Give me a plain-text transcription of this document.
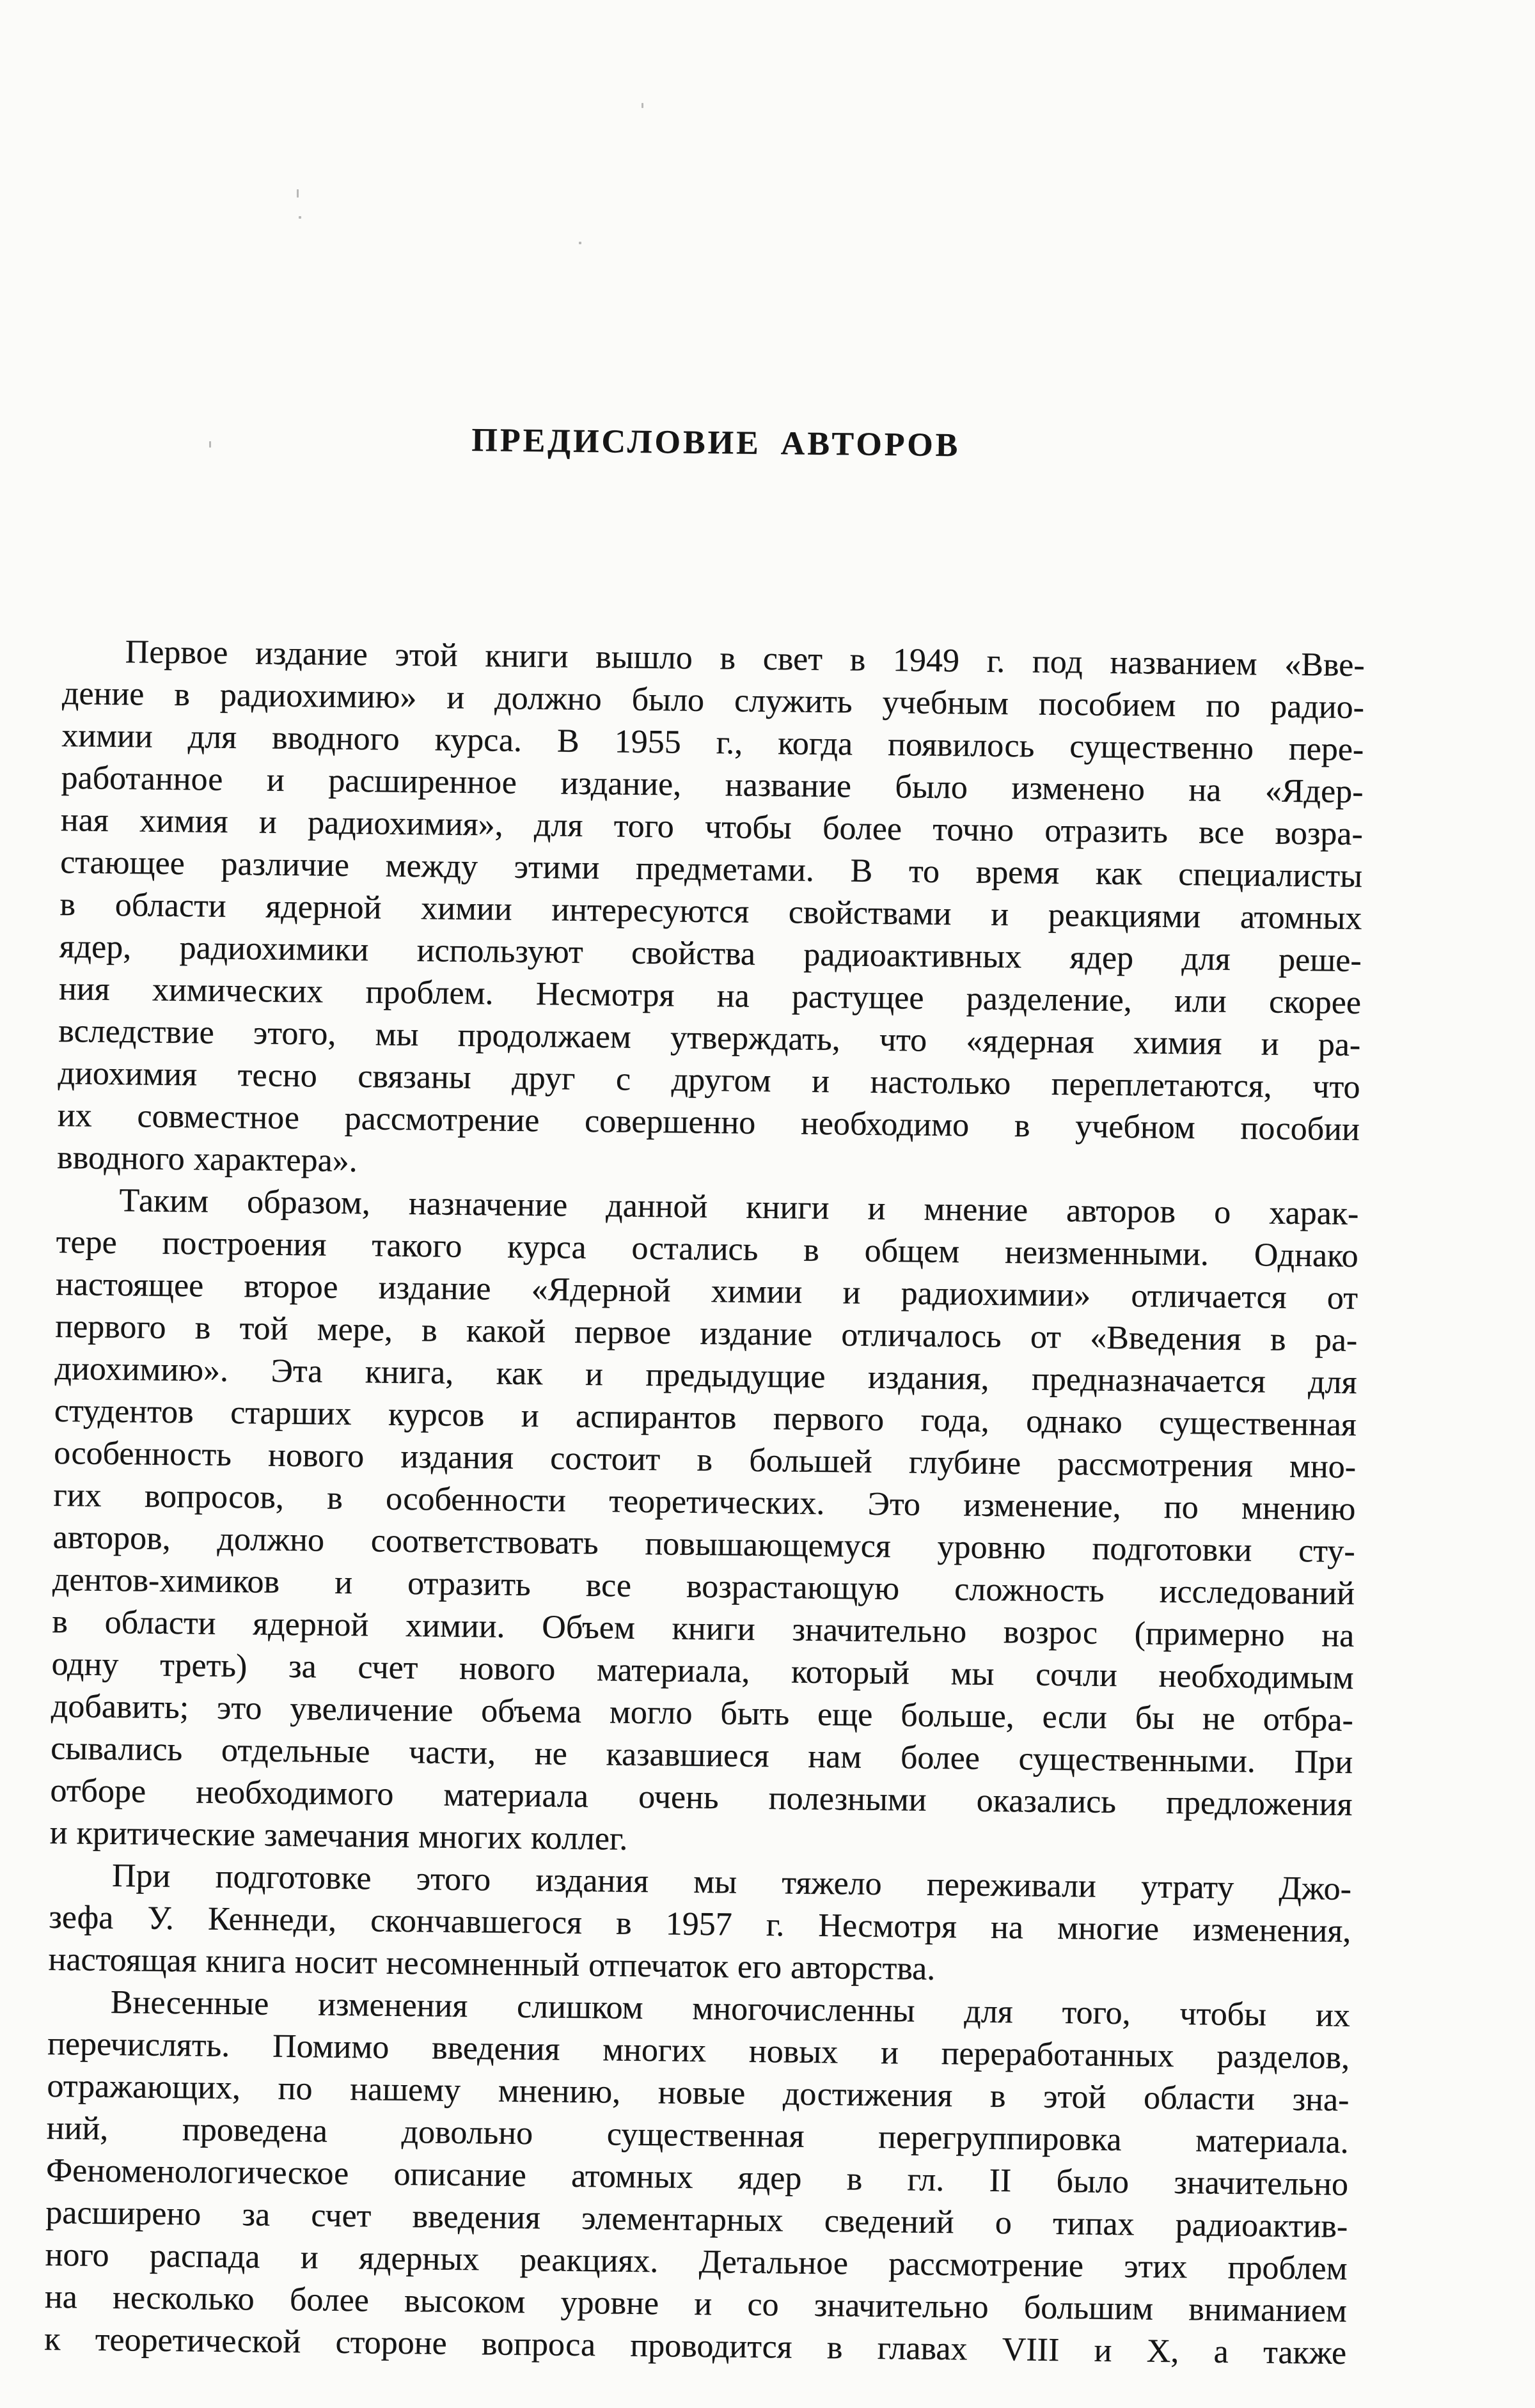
ПРЕДИСЛОВИЕ АВТОРОВ
Первое издание этой книги вышло в свет в 1949 г. под названием «Вве-
дение в радиохимию» и должно было служить учебным пособием по радио-
химии для вводного курса. В 1955 г., когда появилось существенно пере-
работанное и расширенное издание, название было изменено на «Ядер-
ная химия и радиохимия», для того чтобы более точно отразить все возра-
стающее различие между этими предметами. В то время как специалисты
в области ядерной химии интересуются свойствами и реакциями атомных
ядер, радиохимики используют свойства радиоактивных ядер для реше-
ния химических проблем. Несмотря на растущее разделение, или скорее
вследствие этого, мы продолжаем утверждать, что «ядерная химия и ра-
диохимия тесно связаны друг с другом и настолько переплетаются, что
их совместное рассмотрение совершенно необходимо в учебном пособии
вводного характера».
Таким образом, назначение данной книги и мнение авторов о харак-
тере построения такого курса остались в общем неизменными. Однако
настоящее второе издание «Ядерной химии и радиохимии» отличается от
первого в той мере, в какой первое издание отличалось от «Введения в ра-
диохимию». Эта книга, как и предыдущие издания, предназначается для
студентов старших курсов и аспирантов первого года, однако существенная
особенность нового издания состоит в большей глубине рассмотрения мно-
гих вопросов, в особенности теоретических. Это изменение, по мнению
авторов, должно соответствовать повышающемуся уровню подготовки сту-
дентов-химиков и отразить все возрастающую сложность исследований
в области ядерной химии. Объем книги значительно возрос (примерно на
одну треть) за счет нового материала, который мы сочли необходимым
добавить; это увеличение объема могло быть еще больше, если бы не отбра-
сывались отдельные части, не казавшиеся нам более существенными. При
отборе необходимого материала очень полезными оказались предложения
и критические замечания многих коллег.
При подготовке этого издания мы тяжело переживали утрату Джо-
зефа У. Кеннеди, скончавшегося в 1957 г. Несмотря на многие изменения,
настоящая книга носит несомненный отпечаток его авторства.
Внесенные изменения слишком многочисленны для того, чтобы их
перечислять. Помимо введения многих новых и переработанных разделов,
отражающих, по нашему мнению, новые достижения в этой области зна-
ний, проведена довольно существенная перегруппировка материала.
Феноменологическое описание атомных ядер в гл. II было значительно
расширено за счет введения элементарных сведений о типах радиоактив-
ного распада и ядерных реакциях. Детальное рассмотрение этих проблем
на несколько более высоком уровне и со значительно большим вниманием
к теоретической стороне вопроса проводится в главах VIII и X, а также
